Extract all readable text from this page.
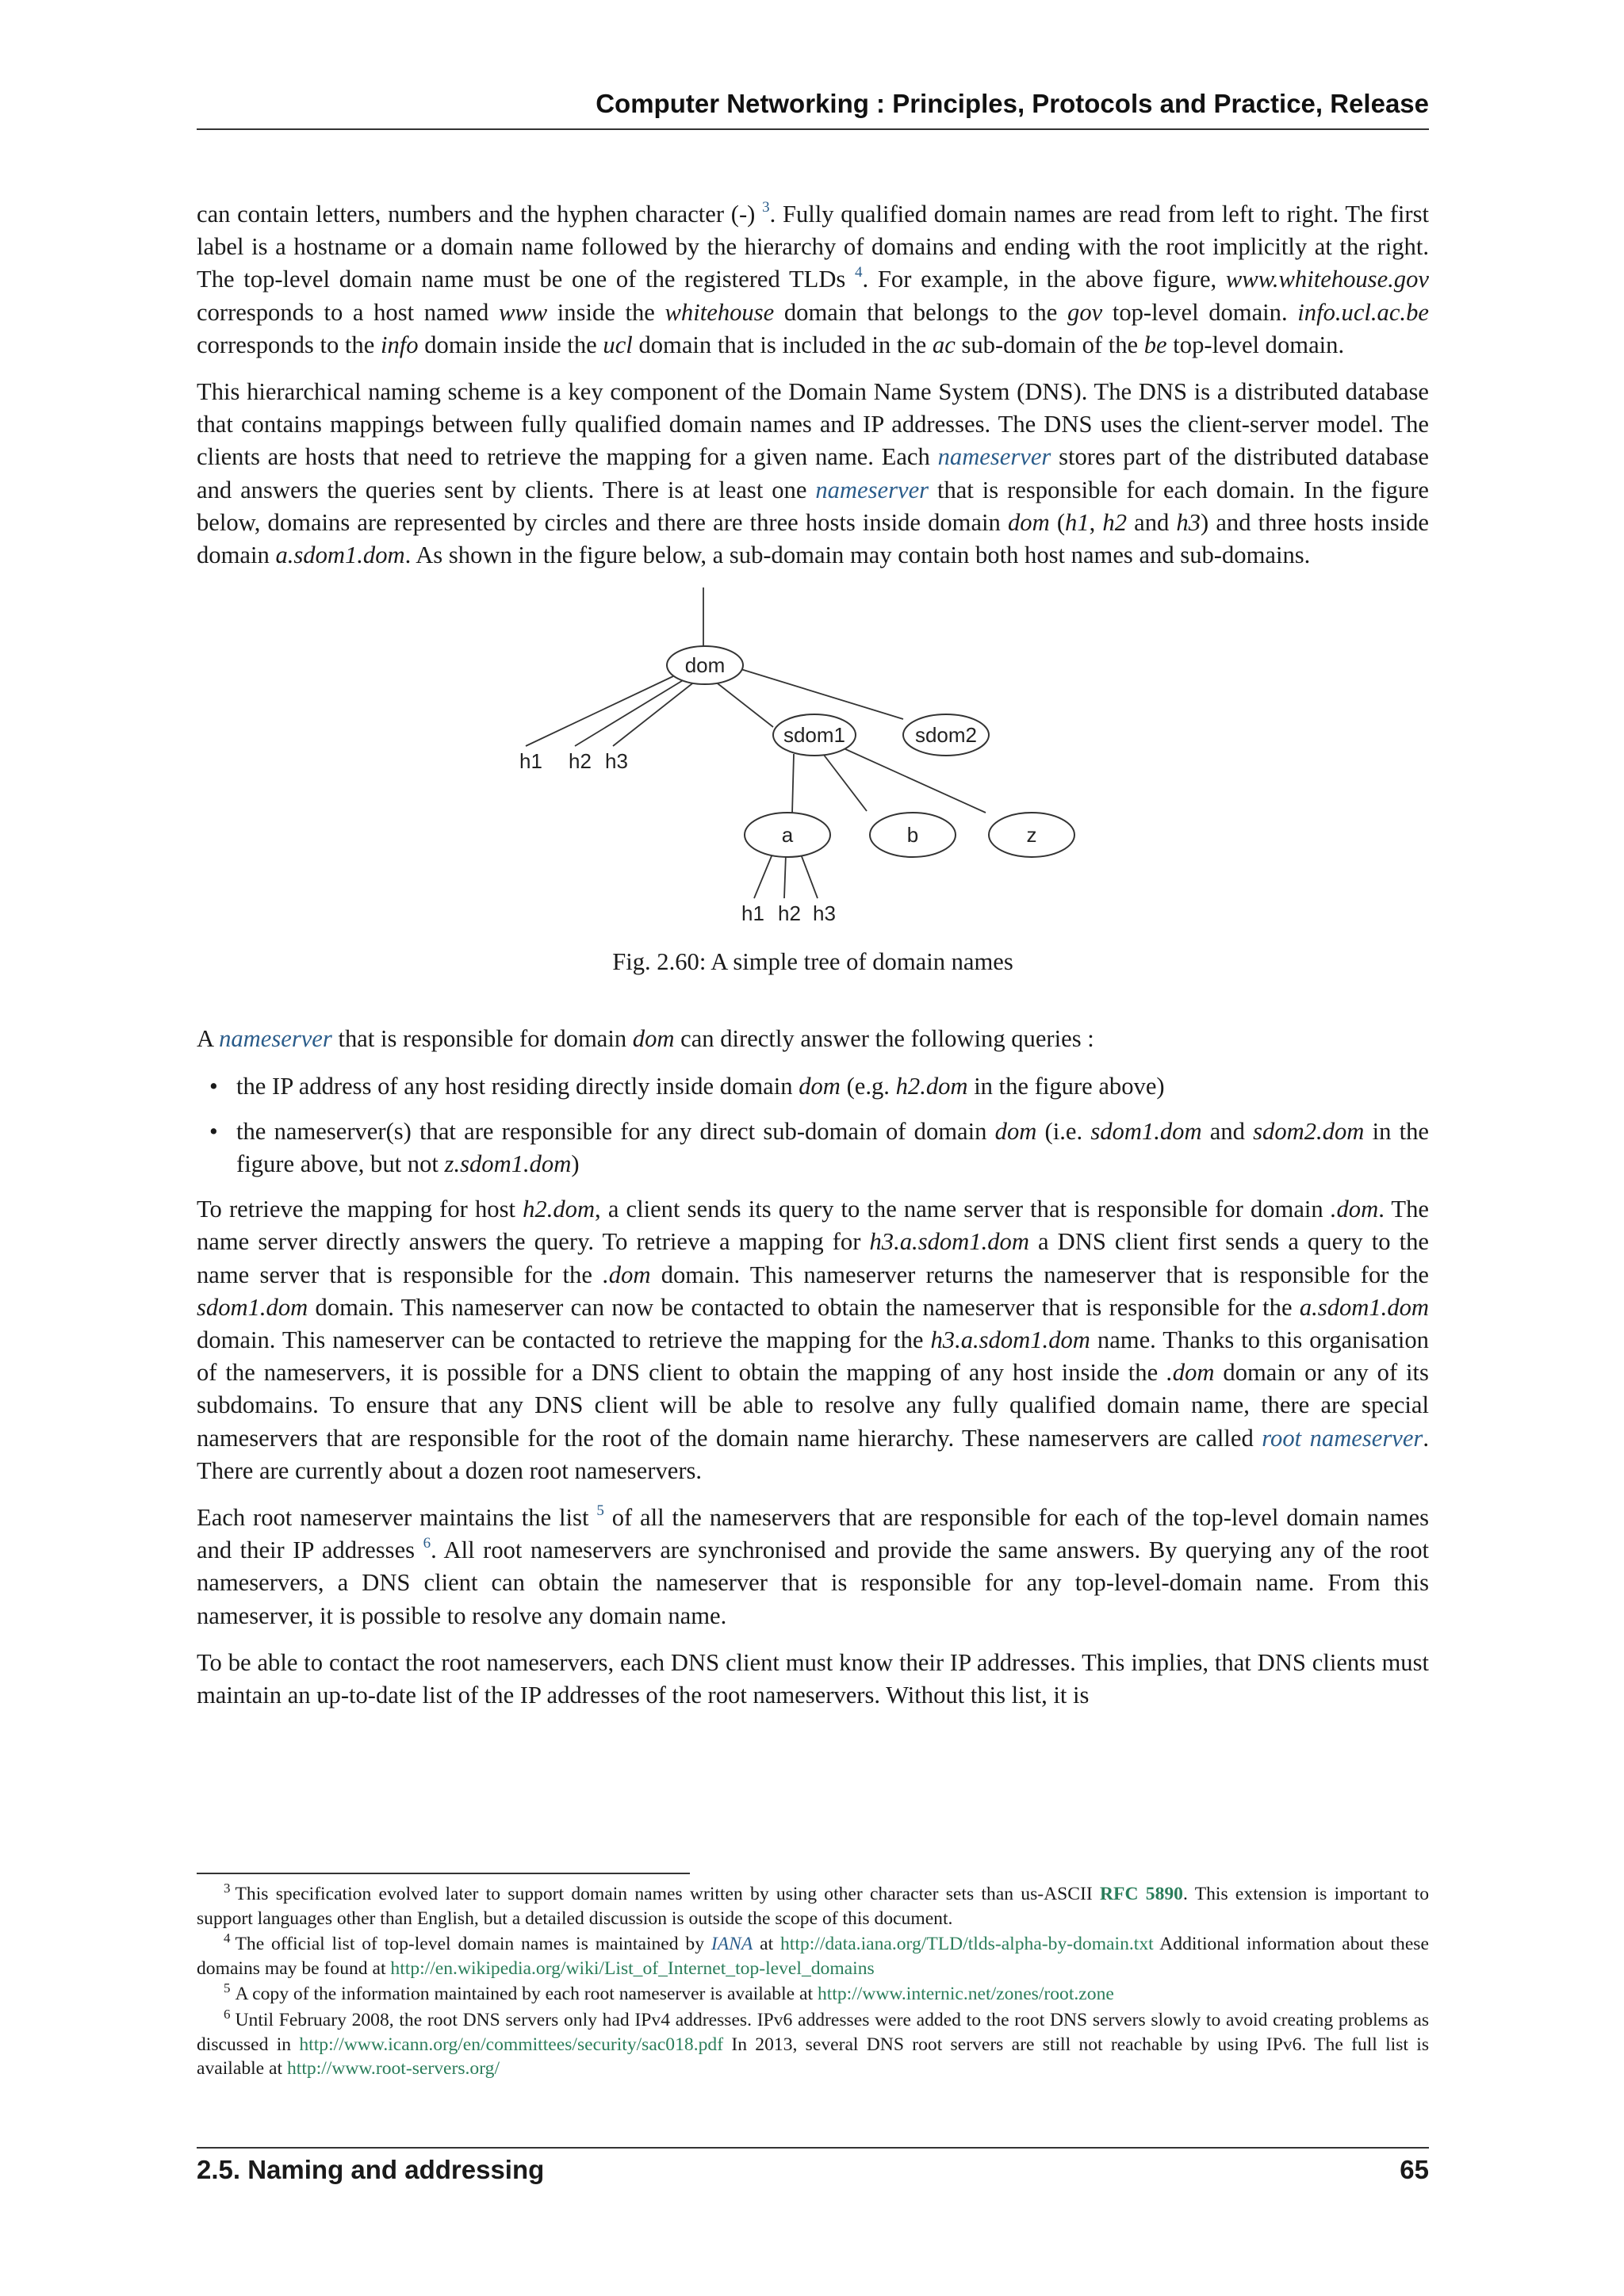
Computer Networking : Principles, Protocols and Practice, Release

can contain letters, numbers and the hyphen character (-) $^3$. Fully qualified domain names are read from left to right. The first label is a hostname or a domain name followed by the hierarchy of domains and ending with the root implicitly at the right. The top-level domain name must be one of the registered TLDs $^4$. For example, in the above figure, www.whitehouse.gov corresponds to a host named www inside the whitehouse domain that belongs to the gov top-level domain. info.ucl.ac.be corresponds to the info domain inside the ucl domain that is included in the ac sub-domain of the be top-level domain.

This hierarchical naming scheme is a key component of the Domain Name System (DNS). The DNS is a distributed database that contains mappings between fully qualified domain names and IP addresses. The DNS uses the client-server model. The clients are hosts that need to retrieve the mapping for a given name. Each nameserver stores part of the distributed database and answers the queries sent by clients. There is at least one nameserver that is responsible for each domain. In the figure below, domains are represented by circles and there are three hosts inside domain dom (h1, h2 and h3) and three hosts inside domain a.sdom1.dom. As shown in the figure below, a sub-domain may contain both host names and sub-domains.

dom
sdom1	sdom2
a	b	z
h1 h2 h3
h1 h2 h3
Fig. 2.60: A simple tree of domain names

A nameserver that is responsible for domain dom can directly answer the following queries :

• the IP address of any host residing directly inside domain dom (e.g. h2.dom in the figure above)
• the nameserver(s) that are responsible for any direct sub-domain of domain dom (i.e. sdom1.dom and sdom2.dom in the figure above, but not z.sdom1.dom)

To retrieve the mapping for host h2.dom, a client sends its query to the name server that is responsible for domain .dom. The name server directly answers the query. To retrieve a mapping for h3.a.sdom1.dom a DNS client first sends a query to the name server that is responsible for the .dom domain. This nameserver returns the nameserver that is responsible for the sdom1.dom domain. This nameserver can now be contacted to obtain the nameserver that is responsible for the a.sdom1.dom domain. This nameserver can be contacted to retrieve the mapping for the h3.a.sdom1.dom name. Thanks to this organisation of the nameservers, it is possible for a DNS client to obtain the mapping of any host inside the .dom domain or any of its subdomains. To ensure that any DNS client will be able to resolve any fully qualified domain name, there are special nameservers that are responsible for the root of the domain name hierarchy. These nameservers are called root nameserver. There are currently about a dozen root nameservers.

Each root nameserver maintains the list $^5$ of all the nameservers that are responsible for each of the top-level domain names and their IP addresses $^6$. All root nameservers are synchronised and provide the same answers. By querying any of the root nameservers, a DNS client can obtain the nameserver that is responsible for any top-level-domain name. From this nameserver, it is possible to resolve any domain name.

To be able to contact the root nameservers, each DNS client must know their IP addresses. This implies, that DNS clients must maintain an up-to-date list of the IP addresses of the root nameservers. Without this list, it is

$^3$ This specification evolved later to support domain names written by using other character sets than us-ASCII RFC 5890. This extension is important to support languages other than English, but a detailed discussion is outside the scope of this document.
$^4$ The official list of top-level domain names is maintained by IANA at http://data.iana.org/TLD/tlds-alpha-by-domain.txt Additional information about these domains may be found at http://en.wikipedia.org/wiki/List_of_Internet_top-level_domains
$^5$ A copy of the information maintained by each root nameserver is available at http://www.internic.net/zones/root.zone
$^6$ Until February 2008, the root DNS servers only had IPv4 addresses. IPv6 addresses were added to the root DNS servers slowly to avoid creating problems as discussed in http://www.icann.org/en/committees/security/sac018.pdf In 2013, several DNS root servers are still not reachable by using IPv6. The full list is available at http://www.root-servers.org/
2.5. Naming and addressing	65
